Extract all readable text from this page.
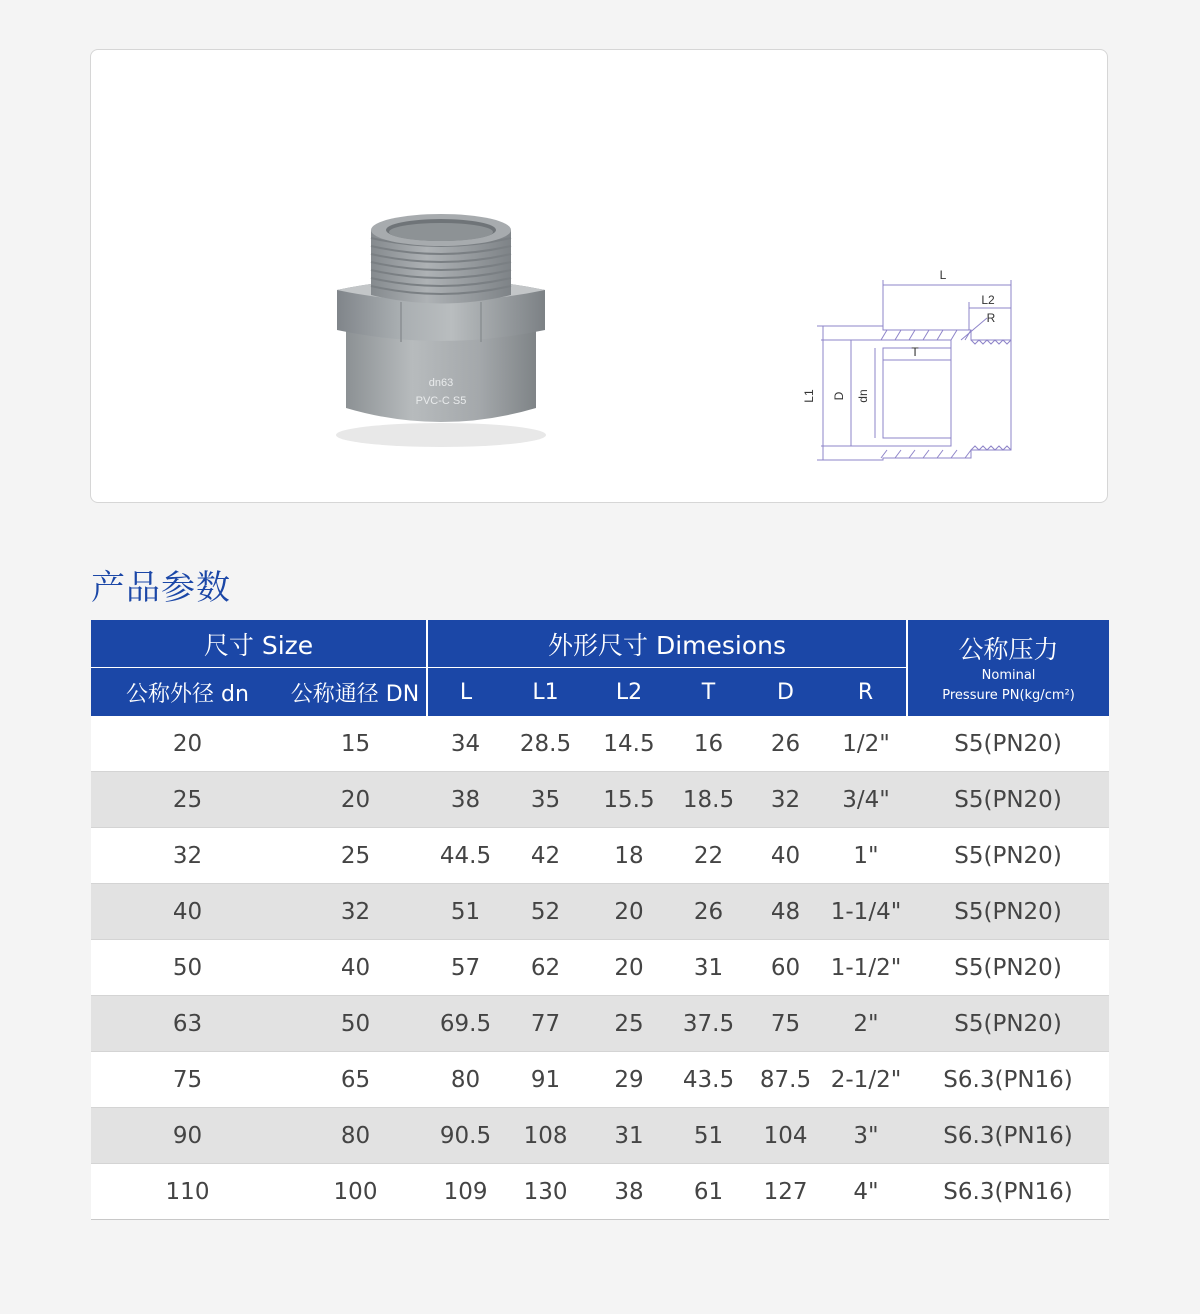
dn63
PVC-C S5
L
L2
R
T
L1 D dn
产品参数
尺寸 Size		外形尺寸 Dimesions						公称压力
Nominal
Pressure PN(kg/cm²)

公称外径 dn	公称通径 DN	L	L1	L2	T	D	R	
20	15	34	28.5	14.5	16	26	1/2"	S5(PN20)
25	20	38	35	15.5	18.5	32	3/4"	S5(PN20)
32	25	44.5	42	18	22	40	1"	S5(PN20)
40	32	51	52	20	26	48	1-1/4"	S5(PN20)
50	40	57	62	20	31	60	1-1/2"	S5(PN20)
63	50	69.5	77	25	37.5	75	2"	S5(PN20)
75	65	80	91	29	43.5	87.5	2-1/2"	S6.3(PN16)
90	80	90.5	108	31	51	104	3"	S6.3(PN16)
110	100	109	130	38	61	127	4"	S6.3(PN16)
